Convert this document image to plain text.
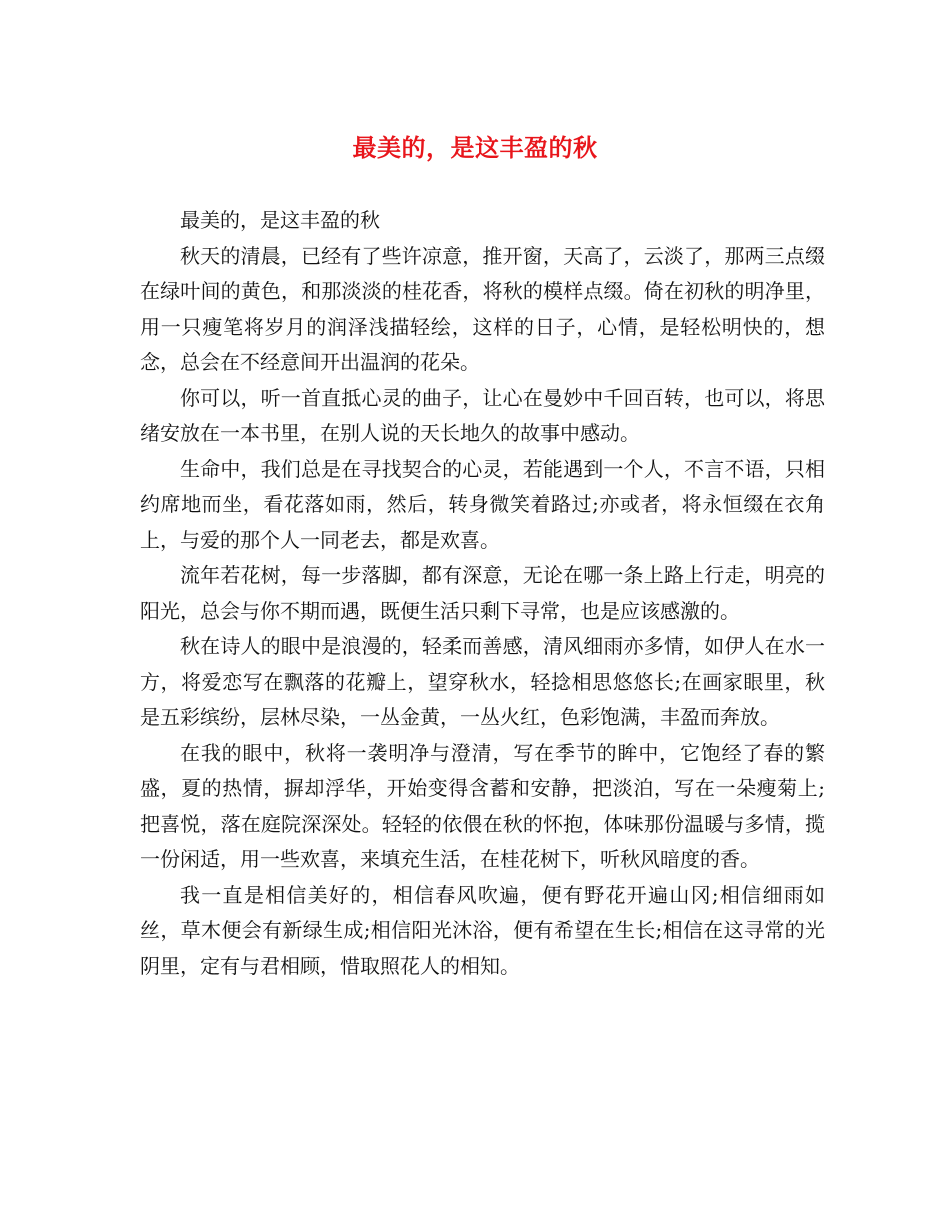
最美的，是这丰盈的秋

最美的，是这丰盈的秋

秋天的清晨，已经有了些许凉意，推开窗，天高了，云淡了，那两三点缀在绿叶间的黄色，和那淡淡的桂花香，将秋的模样点缀。倚在初秋的明净里，用一只瘦笔将岁月的润泽浅描轻绘，这样的日子，心情，是轻松明快的，想念，总会在不经意间开出温润的花朵。

你可以，听一首直抵心灵的曲子，让心在曼妙中千回百转，也可以，将思绪安放在一本书里，在别人说的天长地久的故事中感动。

生命中，我们总是在寻找契合的心灵，若能遇到一个人，不言不语，只相约席地而坐，看花落如雨，然后，转身微笑着路过;亦或者，将永恒缀在衣角上，与爱的那个人一同老去，都是欢喜。

流年若花树，每一步落脚，都有深意，无论在哪一条上路上行走，明亮的阳光，总会与你不期而遇，既便生活只剩下寻常，也是应该感激的。

秋在诗人的眼中是浪漫的，轻柔而善感，清风细雨亦多情，如伊人在水一方，将爱恋写在飘落的花瓣上，望穿秋水，轻捻相思悠悠长;在画家眼里，秋是五彩缤纷，层林尽染，一丛金黄，一丛火红，色彩饱满，丰盈而奔放。

在我的眼中，秋将一袭明净与澄清，写在季节的眸中，它饱经了春的繁盛，夏的热情，摒却浮华，开始变得含蓄和安静，把淡泊，写在一朵瘦菊上;把喜悦，落在庭院深深处。轻轻的依偎在秋的怀抱，体味那份温暖与多情，揽一份闲适，用一些欢喜，来填充生活，在桂花树下，听秋风暗度的香。

我一直是相信美好的，相信春风吹遍，便有野花开遍山冈;相信细雨如丝，草木便会有新绿生成;相信阳光沐浴，便有希望在生长;相信在这寻常的光阴里，定有与君相顾，惜取照花人的相知。
